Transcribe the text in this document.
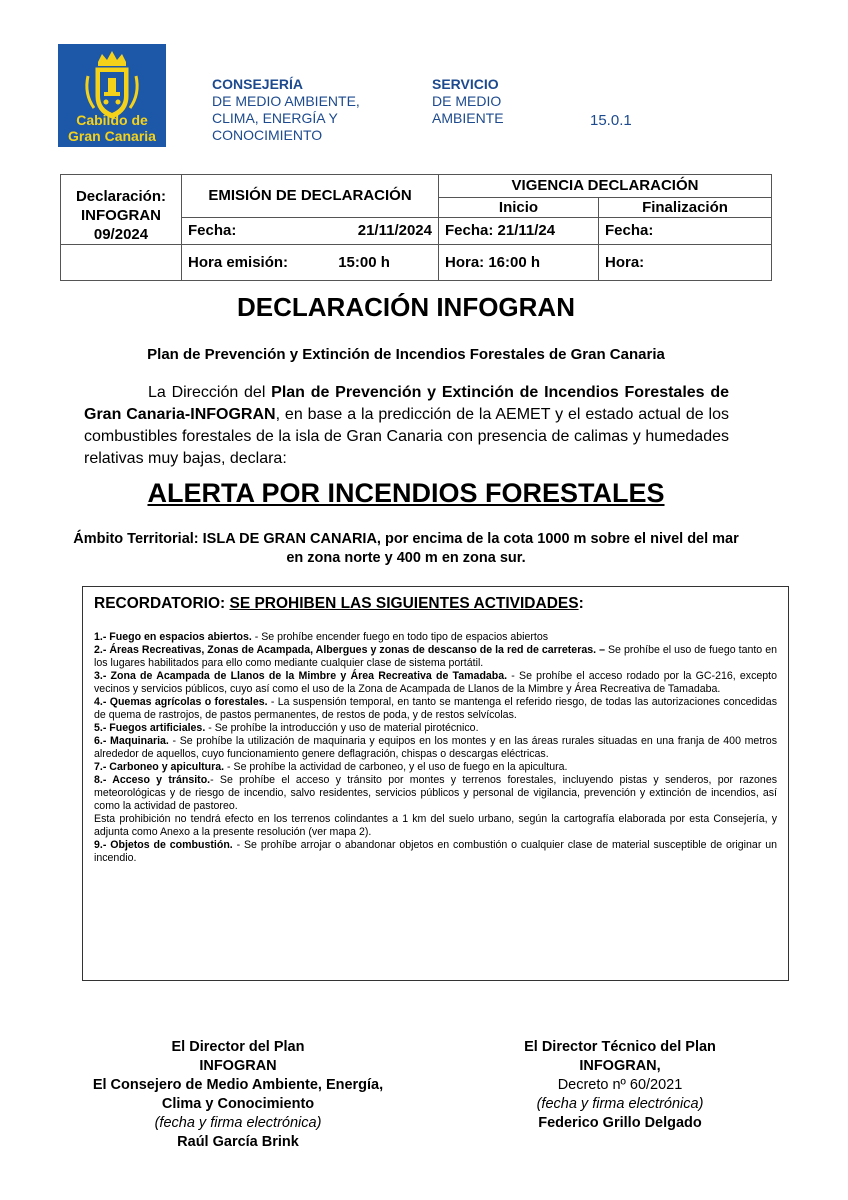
Cabildo de
Gran Canaria
CONSEJERÍA
DE MEDIO AMBIENTE,
CLIMA, ENERGÍA Y
CONOCIMIENTO
SERVICIO
DE MEDIO
AMBIENTE	15.0.1
Declaración:
INFOGRAN
09/2024	EMISIÓN DE DECLARACIÓN	VIGENCIA DECLARACIÓN	
		Inicio	Finalización
	Fecha: 21/11/2024	Fecha: 21/11/24	Fecha:
	Hora emisión: 15:00 h	Hora: 16:00 h	Hora:
DECLARACIÓN INFOGRAN
Plan de Prevención y Extinción de Incendios Forestales de Gran Canaria
La Dirección del Plan de Prevención y Extinción de Incendios Forestales de Gran Canaria-INFOGRAN, en base a la predicción de la AEMET y el estado actual de los combustibles forestales de la isla de Gran Canaria con presencia de calimas y humedades relativas muy bajas, declara:
ALERTA POR INCENDIOS FORESTALES
Ámbito Territorial: ISLA DE GRAN CANARIA, por encima de la cota 1000 m sobre el nivel del mar en zona norte y 400 m en zona sur.
RECORDATORIO: SE PROHIBEN LAS SIGUIENTES ACTIVIDADES:
1.- Fuego en espacios abiertos. - Se prohíbe encender fuego en todo tipo de espacios abiertos
2.- Áreas Recreativas, Zonas de Acampada, Albergues y zonas de descanso de la red de carreteras. – Se prohíbe el uso de fuego tanto en los lugares habilitados para ello como mediante cualquier clase de sistema portátil.
3.- Zona de Acampada de Llanos de la Mimbre y Área Recreativa de Tamadaba. - Se prohíbe el acceso rodado por la GC-216, excepto vecinos y servicios públicos, cuyo así como el uso de la Zona de Acampada de Llanos de la Mimbre y Área Recreativa de Tamadaba.
4.- Quemas agrícolas o forestales. - La suspensión temporal, en tanto se mantenga el referido riesgo, de todas las autorizaciones concedidas de quema de rastrojos, de pastos permanentes, de restos de poda, y de restos selvícolas.
5.- Fuegos artificiales. - Se prohíbe la introducción y uso de material pirotécnico.
6.- Maquinaria. - Se prohíbe la utilización de maquinaria y equipos en los montes y en las áreas rurales situadas en una franja de 400 metros alrededor de aquellos, cuyo funcionamiento genere deflagración, chispas o descargas eléctricas.
7.- Carboneo y apicultura. - Se prohíbe la actividad de carboneo, y el uso de fuego en la apicultura.
8.- Acceso y tránsito.- Se prohíbe el acceso y tránsito por montes y terrenos forestales, incluyendo pistas y senderos, por razones meteorológicas y de riesgo de incendio, salvo residentes, servicios públicos y personal de vigilancia, prevención y extinción de incendios, así como la actividad de pastoreo.
Esta prohibición no tendrá efecto en los terrenos colindantes a 1 km del suelo urbano, según la cartografía elaborada por esta Consejería, y adjunta como Anexo a la presente resolución (ver mapa 2).
9.- Objetos de combustión. - Se prohíbe arrojar o abandonar objetos en combustión o cualquier clase de material susceptible de originar un incendio.
El Director del Plan
INFOGRAN
El Consejero de Medio Ambiente, Energía,
Clima y Conocimiento
(fecha y firma electrónica)
Raúl García Brink
El Director Técnico del Plan
INFOGRAN,
Decreto nº 60/2021
(fecha y firma electrónica)
Federico Grillo Delgado
